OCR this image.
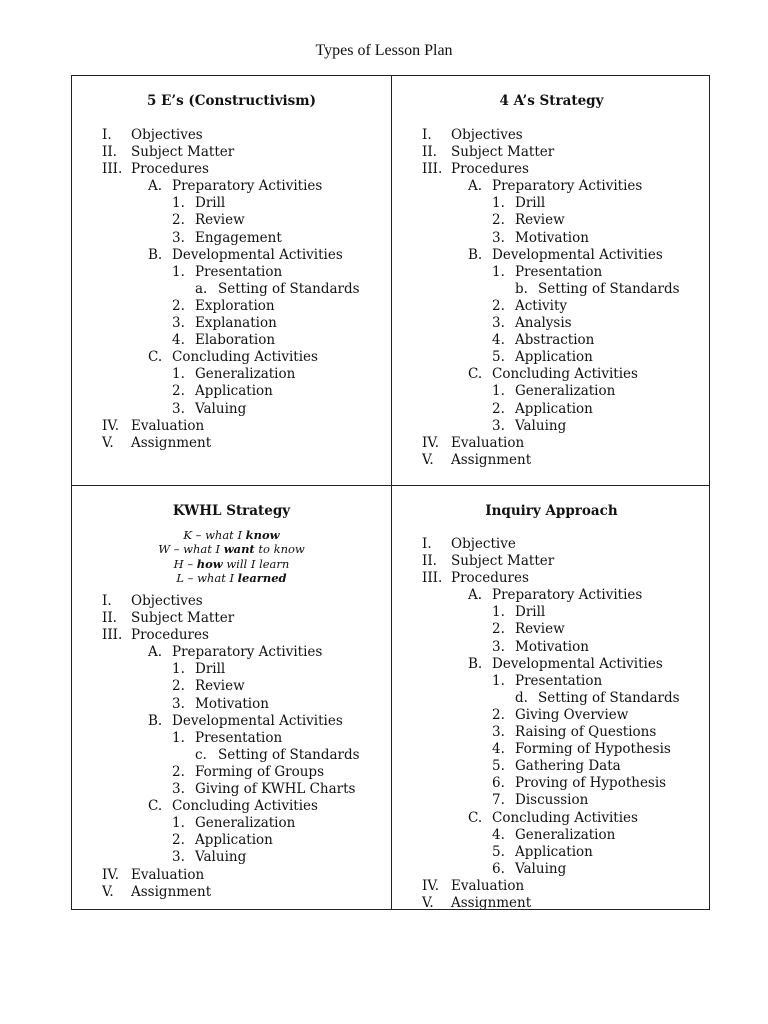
Types of Lesson Plan
5 E’s (Constructivism)
I. Objectives
II. Subject Matter
III. Procedures
A. Preparatory Activities
1. Drill
2. Review
3. Engagement
B. Developmental Activities
1. Presentation
a. Setting of Standards
2. Exploration
3. Explanation
4. Elaboration
C. Concluding Activities
1. Generalization
2. Application
3. Valuing
IV. Evaluation
V. Assignment
4 A’s Strategy
I. Objectives
II. Subject Matter
III. Procedures
A. Preparatory Activities
1. Drill
2. Review
3. Motivation
B. Developmental Activities
1. Presentation
b. Setting of Standards
2. Activity
3. Analysis
4. Abstraction
5. Application
C. Concluding Activities
1. Generalization
2. Application
3. Valuing
IV. Evaluation
V. Assignment
KWHL Strategy
K – what I know
W – what I want to know
H – how will I learn
L – what I learned
I. Objectives
II. Subject Matter
III. Procedures
A. Preparatory Activities
1. Drill
2. Review
3. Motivation
B. Developmental Activities
1. Presentation
c. Setting of Standards
2. Forming of Groups
3. Giving of KWHL Charts
C. Concluding Activities
1. Generalization
2. Application
3. Valuing
IV. Evaluation
V. Assignment
Inquiry Approach
I. Objective
II. Subject Matter
III. Procedures
A. Preparatory Activities
1. Drill
2. Review
3. Motivation
B. Developmental Activities
1. Presentation
d. Setting of Standards
2. Giving Overview
3. Raising of Questions
4. Forming of Hypothesis
5. Gathering Data
6. Proving of Hypothesis
7. Discussion
C. Concluding Activities
4. Generalization
5. Application
6. Valuing
IV. Evaluation
V. Assignment
